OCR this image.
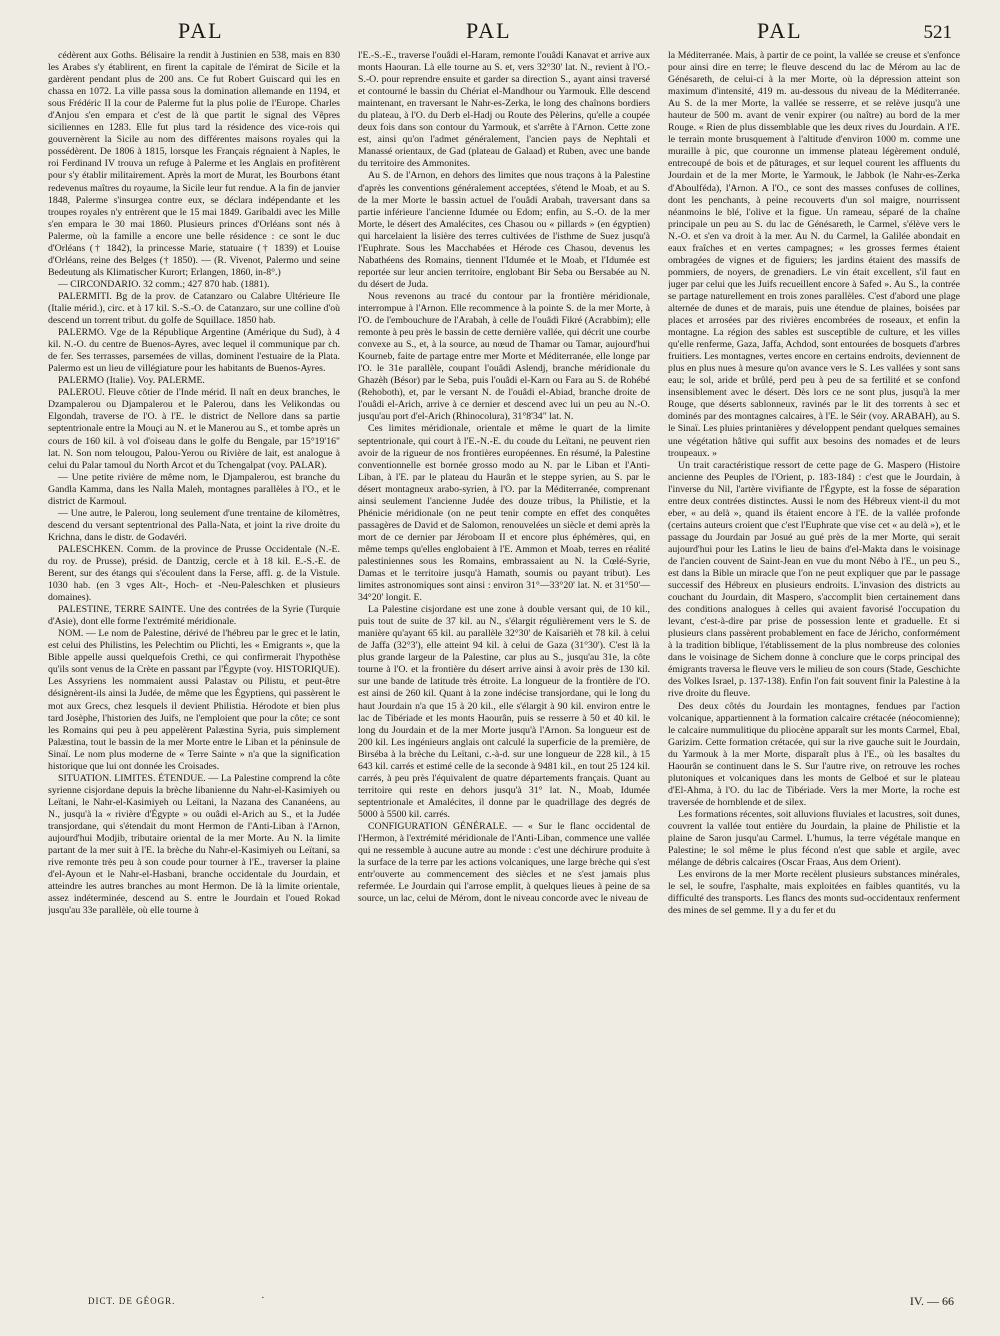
PAL	PAL	PAL	521

cédèrent aux Goths. Bélisaire la rendit à Justinien en 538, mais en 830 les Arabes s'y établirent, en firent la capitale de l'émirat de Sicile et la gardèrent pendant plus de 200 ans. Ce fut Robert Guiscard qui les en chassa en 1072. La ville passa sous la domination allemande en 1194, et sous Frédéric II la cour de Palerme fut la plus polie de l'Europe. Charles d'Anjou s'en empara et c'est de là que partit le signal des Vêpres siciliennes en 1283. Elle fut plus tard la résidence des vice-rois qui gouvernèrent la Sicile au nom des différentes maisons royales qui la possédèrent. De 1806 à 1815, lorsque les Français régnaient à Naples, le roi Ferdinand IV trouva un refuge à Palerme et les Anglais en profitèrent pour s'y établir militairement. Après la mort de Murat, les Bourbons étant redevenus maîtres du royaume, la Sicile leur fut rendue. A la fin de janvier 1848, Palerme s'insurgea contre eux, se déclara indépendante et les troupes royales n'y entrèrent que le 15 mai 1849. Garibaldi avec les Mille s'en empara le 30 mai 1860. Plusieurs princes d'Orléans sont nés à Palerme, où la famille a encore une belle résidence : ce sont le duc d'Orléans († 1842), la princesse Marie, statuaire († 1839) et Louise d'Orléans, reine des Belges († 1850). — (R. Vivenot, Palermo und seine Bedeutung als Klimatischer Kurort; Erlangen, 1860, in-8°.)

— CIRCONDARIO. 32 comm.; 427 870 hab. (1881).

PALERMITI. Bg de la prov. de Catanzaro ou Calabre Ultérieure IIe (Italie mérid.), circ. et à 17 kil. S.-S.-O. de Catanzaro, sur une colline d'où descend un torrent tribut. du golfe de Squillace. 1850 hab.

PALERMO. Vge de la République Argentine (Amérique du Sud), à 4 kil. N.-O. du centre de Buenos-Ayres, avec lequel il communique par ch. de fer. Ses terrasses, parsemées de villas, dominent l'estuaire de la Plata. Palermo est un lieu de villégiature pour les habitants de Buenos-Ayres.

PALERMO (Italie). Voy. PALERME.

PALEROU. Fleuve côtier de l'Inde mérid. Il naît en deux branches, le Dzampalerou ou Djampalerou et le Palerou, dans les Velikondas ou Elgondah, traverse de l'O. à l'E. le district de Nellore dans sa partie septentrionale entre la Mouçi au N. et le Manerou au S., et tombe après un cours de 160 kil. à vol d'oiseau dans le golfe du Bengale, par 15°19'16" lat. N. Son nom telougou, Palou-Yerou ou Rivière de lait, est analogue à celui du Palar tamoul du North Arcot et du Tchengalpat (voy. PALAR).

— Une petite rivière de même nom, le Djampalerou, est branche du Gandla Kamma, dans les Nalla Maleh, montagnes parallèles à l'O., et le district de Karmoul.

— Une autre, le Palerou, long seulement d'une trentaine de kilomètres, descend du versant septentrional des Palla-Nata, et joint la rive droite du Krichna, dans le distr. de Godavéri.

PALESCHKEN. Comm. de la province de Prusse Occidentale (N.-E. du roy. de Prusse), présid. de Dantzig, cercle et à 18 kil. E.-S.-E. de Berent, sur des étangs qui s'écoulent dans la Ferse, affl. g. de la Vistule. 1030 hab. (en 3 vges Alt-, Hoch- et -Neu-Paleschken et plusieurs domaines).

PALESTINE, TERRE SAINTE. Une des contrées de la Syrie (Turquie d'Asie), dont elle forme l'extrémité méridionale.

NOM. — Le nom de Palestine, dérivé de l'hébreu par le grec et le latin, est celui des Philistins, les Pelechtim ou Plichti, les « Emigrants », que la Bible appelle aussi quelquefois Crethi, ce qui confirmerait l'hypothèse qu'ils sont venus de la Crète en passant par l'Égypte (voy. HISTORIQUE). Les Assyriens les nommaient aussi Palastav ou Pilistu, et peut-être désignèrent-ils ainsi la Judée, de même que les Égyptiens, qui passèrent le mot aux Grecs, chez lesquels il devient Philistia. Hérodote et bien plus tard Josèphe, l'historien des Juifs, ne l'emploient que pour la côte; ce sont les Romains qui peu à peu appelèrent Palæstina Syria, puis simplement Palæstina, tout le bassin de la mer Morte entre le Liban et la péninsule de Sinaï. Le nom plus moderne de « Terre Sainte » n'a que la signification historique que lui ont donnée les Croisades.

SITUATION. LIMITES. ÉTENDUE. — La Palestine comprend la côte syrienne cisjordane depuis la brèche libanienne du Nahr-el-Kasimiyeh ou Leïtani, le Nahr-el-Kasimiyeh ou Leïtani, la Nazana des Cananéens, au N., jusqu'à la « rivière d'Égypte » ou ouâdi el-Arich au S., et la Judée transjordane, qui s'étendait du mont Hermon de l'Anti-Liban à l'Arnon, aujourd'hui Modjib, tributaire oriental de la mer Morte. Au N. la limite partant de la mer suit à l'E. la brèche du Nahr-el-Kasimiyeh ou Leïtani, sa rive remonte très peu à son coude pour tourner à l'E., traverser la plaine d'el-Ayoun et le Nahr-el-Hasbani, branche occidentale du Jourdain, et atteindre les autres branches au mont Hermon. De là la limite orientale, assez indéterminée, descend au S. entre le Jourdain et l'oued Rokad jusqu'au 33e parallèle, où elle tourne à

l'E.-S.-E., traverse l'ouâdi el-Haram, remonte l'ouâdi Kanavat et arrive aux monts Haouran. Là elle tourne au S. et, vers 32°30' lat. N., revient à l'O.-S.-O. pour reprendre ensuite et garder sa direction S., ayant ainsi traversé et contourné le bassin du Chériat el-Mandhour ou Yarmouk. Elle descend maintenant, en traversant le Nahr-es-Zerka, le long des chaînons bordiers du plateau, à l'O. du Derb el-Hadj ou Route des Pèlerins, qu'elle a coupée deux fois dans son contour du Yarmouk, et s'arrête à l'Arnon. Cette zone est, ainsi qu'on l'admet généralement, l'ancien pays de Nephtali et Manassé orientaux, de Gad (plateau de Galaad) et Ruben, avec une bande du territoire des Ammonites.

Au S. de l'Arnon, en dehors des limites que nous traçons à la Palestine d'après les conventions généralement acceptées, s'étend le Moab, et au S. de la mer Morte le bassin actuel de l'ouâdi Arabah, traversant dans sa partie inférieure l'ancienne Idumée ou Edom; enfin, au S.-O. de la mer Morte, le désert des Amalécites, ces Chasou ou « pillards » (en égyptien) qui harcelaient la lisière des terres cultivées de l'isthme de Suez jusqu'à l'Euphrate. Sous les Macchabées et Hérode ces Chasou, devenus les Nabathéens des Romains, tiennent l'Idumée et le Moab, et l'Idumée est reportée sur leur ancien territoire, englobant Bir Seba ou Bersabée au N. du désert de Juda.

Nous revenons au tracé du contour par la frontière méridionale, interrompue à l'Arnon. Elle recommence à la pointe S. de la mer Morte, à l'O. de l'embouchure de l'Arabah, à celle de l'ouâdi Fikré (Acrabbim); elle remonte à peu près le bassin de cette dernière vallée, qui décrit une courbe convexe au S., et, à la source, au nœud de Thamar ou Tamar, aujourd'hui Kourneb, faite de partage entre mer Morte et Méditerranée, elle longe par l'O. le 31e parallèle, coupant l'ouâdi Aslendj, branche méridionale du Ghazèh (Bésor) par le Seba, puis l'ouâdi el-Karn ou Fara au S. de Rohébé (Rehoboth), et, par le versant N. de l'ouâdi el-Abiad, branche droite de l'ouâdi el-Arich, arrive à ce dernier et descend avec lui un peu au N.-O. jusqu'au port d'el-Arich (Rhinocolura), 31°8'34" lat. N.

Ces limites méridionale, orientale et même le quart de la limite septentrionale, qui court à l'E.-N.-E. du coude du Leïtani, ne peuvent rien avoir de la rigueur de nos frontières européennes. En résumé, la Palestine conventionnelle est bornée grosso modo au N. par le Liban et l'Anti-Liban, à l'E. par le plateau du Haurân et le steppe syrien, au S. par le désert montagneux arabo-syrien, à l'O. par la Méditerranée, comprenant ainsi seulement l'ancienne Judée des douze tribus, la Philistie, et la Phénicie méridionale (on ne peut tenir compte en effet des conquêtes passagères de David et de Salomon, renouvelées un siècle et demi après la mort de ce dernier par Jéroboam II et encore plus éphémères, qui, en même temps qu'elles englobaient à l'E. Ammon et Moab, terres en réalité palestiniennes sous les Romains, embrassaient au N. la Cœlé-Syrie, Damas et le territoire jusqu'à Hamath, soumis ou payant tribut). Les limites astronomiques sont ainsi : environ 31°—33°20' lat. N. et 31°50'—34°20' longit. E.

La Palestine cisjordane est une zone à double versant qui, de 10 kil., puis tout de suite de 37 kil. au N., s'élargit régulièrement vers le S. de manière qu'ayant 65 kil. au parallèle 32°30' de Kaïsarièh et 78 kil. à celui de Jaffa (32°3'), elle atteint 94 kil. à celui de Gaza (31°30'). C'est là la plus grande largeur de la Palestine, car plus au S., jusqu'au 31e, la côte tourne à l'O. et la frontière du désert arrive ainsi à avoir près de 130 kil. sur une bande de latitude très étroite. La longueur de la frontière de l'O. est ainsi de 260 kil. Quant à la zone indécise transjordane, qui le long du haut Jourdain n'a que 15 à 20 kil., elle s'élargit à 90 kil. environ entre le lac de Tibériade et les monts Haourân, puis se resserre à 50 et 40 kil. le long du Jourdain et de la mer Morte jusqu'à l'Arnon. Sa longueur est de 200 kil. Les ingénieurs anglais ont calculé la superficie de la première, de Birséba à la brèche du Leïtani, c.-à-d. sur une longueur de 228 kil., à 15 643 kil. carrés et estimé celle de la seconde à 9481 kil., en tout 25 124 kil. carrés, à peu près l'équivalent de quatre départements français. Quant au territoire qui reste en dehors jusqu'à 31° lat. N., Moab, Idumée septentrionale et Amalécites, il donne par le quadrillage des degrés de 5000 à 5500 kil. carrés.

CONFIGURATION GÉNÉRALE. — « Sur le flanc occidental de l'Hermon, à l'extrémité méridionale de l'Anti-Liban, commence une vallée qui ne ressemble à aucune autre au monde : c'est une déchirure produite à la surface de la terre par les actions volcaniques, une large brèche qui s'est entr'ouverte au commencement des siècles et ne s'est jamais plus refermée. Le Jourdain qui l'arrose emplit, à quelques lieues à peine de sa source, un lac, celui de Mérom, dont le niveau concorde avec le niveau de

la Méditerranée. Mais, à partir de ce point, la vallée se creuse et s'enfonce pour ainsi dire en terre; le fleuve descend du lac de Mérom au lac de Génésareth, de celui-ci à la mer Morte, où la dépression atteint son maximum d'intensité, 419 m. au-dessous du niveau de la Méditerranée. Au S. de la mer Morte, la vallée se resserre, et se relève jusqu'à une hauteur de 500 m. avant de venir expirer (ou naître) au bord de la mer Rouge. « Rien de plus dissemblable que les deux rives du Jourdain. A l'E. le terrain monte brusquement à l'altitude d'environ 1000 m. comme une muraille à pic, que couronne un immense plateau légèrement ondulé, entrecoupé de bois et de pâturages, et sur lequel courent les affluents du Jourdain et de la mer Morte, le Yarmouk, le Jabbok (le Nahr-es-Zerka d'Aboulféda), l'Arnon. A l'O., ce sont des masses confuses de collines, dont les penchants, à peine recouverts d'un sol maigre, nourrissent néanmoins le blé, l'olive et la figue. Un rameau, séparé de la chaîne principale un peu au S. du lac de Génésareth, le Carmel, s'élève vers le N.-O. et s'en va droit à la mer. Au N. du Carmel, la Galilée abondait en eaux fraîches et en vertes campagnes; « les grosses fermes étaient ombragées de vignes et de figuiers; les jardins étaient des massifs de pommiers, de noyers, de grenadiers. Le vin était excellent, s'il faut en juger par celui que les Juifs recueillent encore à Safed ». Au S., la contrée se partage naturellement en trois zones parallèles. C'est d'abord une plage alternée de dunes et de marais, puis une étendue de plaines, boisées par places et arrosées par des rivières encombrées de roseaux, et enfin la montagne. La région des sables est susceptible de culture, et les villes qu'elle renferme, Gaza, Jaffa, Achdod, sont entourées de bosquets d'arbres fruitiers. Les montagnes, vertes encore en certains endroits, deviennent de plus en plus nues à mesure qu'on avance vers le S. Les vallées y sont sans eau; le sol, aride et brûlé, perd peu à peu de sa fertilité et se confond insensiblement avec le désert. Dès lors ce ne sont plus, jusqu'à la mer Rouge, que déserts sablonneux, ravinés par le lit des torrents à sec et dominés par des montagnes calcaires, à l'E. le Séir (voy. ARABAH), au S. le Sinaï. Les pluies printanières y développent pendant quelques semaines une végétation hâtive qui suffit aux besoins des nomades et de leurs troupeaux. »

Un trait caractéristique ressort de cette page de G. Maspero (Histoire ancienne des Peuples de l'Orient, p. 183-184) : c'est que le Jourdain, à l'inverse du Nil, l'artère vivifiante de l'Égypte, est la fosse de séparation entre deux contrées distinctes. Aussi le nom des Hébreux vient-il du mot eber, « au delà », quand ils étaient encore à l'E. de la vallée profonde (certains auteurs croient que c'est l'Euphrate que vise cet « au delà »), et le passage du Jourdain par Josué au gué près de la mer Morte, qui serait aujourd'hui pour les Latins le lieu de bains d'el-Makta dans le voisinage de l'ancien couvent de Saint-Jean en vue du mont Nébo à l'E., un peu S., est dans la Bible un miracle que l'on ne peut expliquer que par le passage successif des Hébreux en plusieurs endroits. L'invasion des districts au couchant du Jourdain, dit Maspero, s'accomplit bien certainement dans des conditions analogues à celles qui avaient favorisé l'occupation du levant, c'est-à-dire par prise de possession lente et graduelle. Et si plusieurs clans passèrent probablement en face de Jéricho, conformément à la tradition biblique, l'établissement de la plus nombreuse des colonies dans le voisinage de Sichem donne à conclure que le corps principal des émigrants traversa le fleuve vers le milieu de son cours (Stade, Geschichte des Volkes Israel, p. 137-138). Enfin l'on fait souvent finir la Palestine à la rive droite du fleuve.

Des deux côtés du Jourdain les montagnes, fendues par l'action volcanique, appartiennent à la formation calcaire crétacée (néocomienne); le calcaire nummulitique du pliocène apparaît sur les monts Carmel, Ebal, Garizim. Cette formation crétacée, qui sur la rive gauche suit le Jourdain, du Yarmouk à la mer Morte, disparaît plus à l'E., où les basaltes du Haourân se continuent dans le S. Sur l'autre rive, on retrouve les roches plutoniques et volcaniques dans les monts de Gelboé et sur le plateau d'El-Ahma, à l'O. du lac de Tibériade. Vers la mer Morte, la roche est traversée de hornblende et de silex.

Les formations récentes, soit alluvions fluviales et lacustres, soit dunes, couvrent la vallée tout entière du Jourdain, la plaine de Philistie et la plaine de Saron jusqu'au Carmel. L'humus, la terre végétale manque en Palestine; le sol même le plus fécond n'est que sable et argile, avec mélange de débris calcaires (Oscar Fraas, Aus dem Orient).

Les environs de la mer Morte recèlent plusieurs substances minérales, le sel, le soufre, l'asphalte, mais exploitées en faibles quantités, vu la difficulté des transports. Les flancs des monts sud-occidentaux renferment des mines de sel gemme. Il y a du fer et du

DICT. DE GÉOGR.	·	IV. — 66
